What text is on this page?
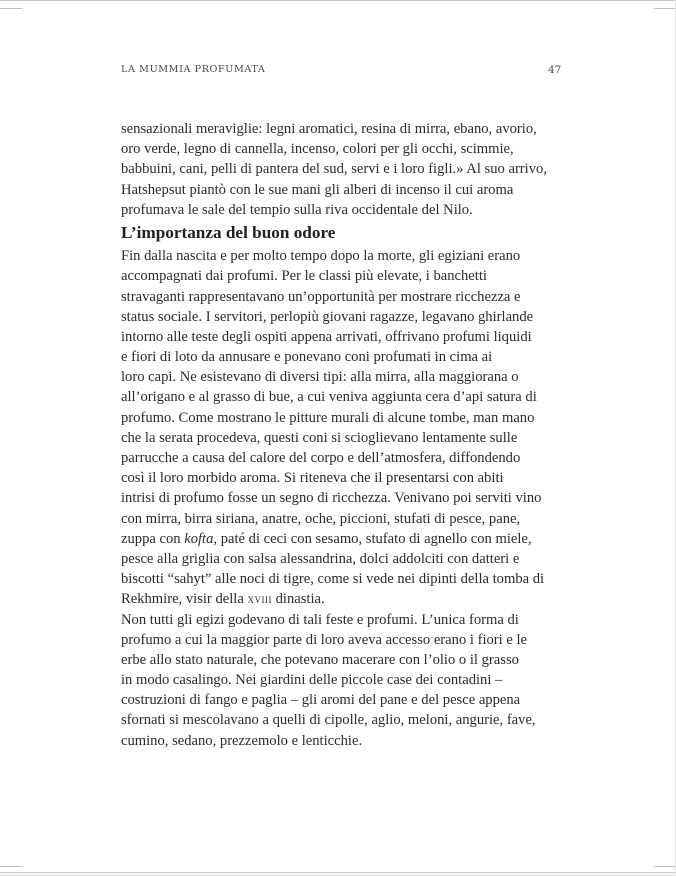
LA MUMMIA PROFUMATA	47
sensazionali meraviglie: legni aromatici, resina di mirra, ebano, avorio,
oro verde, legno di cannella, incenso, colori per gli occhi, scimmie,
babbuini, cani, pelli di pantera del sud, servi e i loro figli.» Al suo arrivo,
Hatshepsut piantò con le sue mani gli alberi di incenso il cui aroma
profumava le sale del tempio sulla riva occidentale del Nilo.
L’importanza del buon odore
Fin dalla nascita e per molto tempo dopo la morte, gli egiziani erano
accompagnati dai profumi. Per le classi più elevate, i banchetti
stravaganti rappresentavano un’opportunità per mostrare ricchezza e
status sociale. I servitori, perlopiù giovani ragazze, legavano ghirlande
intorno alle teste degli ospiti appena arrivati, offrivano profumi liquidi
e fiori di loto da annusare e ponevano coni profumati in cima ai
loro capi. Ne esistevano di diversi tipi: alla mirra, alla maggiorana o
all’origano e al grasso di bue, a cui veniva aggiunta cera d’api satura di
profumo. Come mostrano le pitture murali di alcune tombe, man mano
che la serata procedeva, questi coni si scioglievano lentamente sulle
parrucche a causa del calore del corpo e dell’atmosfera, diffondendo
così il loro morbido aroma. Si riteneva che il presentarsi con abiti
intrisi di profumo fosse un segno di ricchezza. Venivano poi serviti vino
con mirra, birra siriana, anatre, oche, piccioni, stufati di pesce, pane,
zuppa con kofta, paté di ceci con sesamo, stufato di agnello con miele,
pesce alla griglia con salsa alessandrina, dolci addolciti con datteri e
biscotti “sahyt” alle noci di tigre, come si vede nei dipinti della tomba di
Rekhmire, visir della xviii dinastia.
Non tutti gli egizi godevano di tali feste e profumi. L’unica forma di
profumo a cui la maggior parte di loro aveva accesso erano i fiori e le
erbe allo stato naturale, che potevano macerare con l’olio o il grasso
in modo casalingo. Nei giardini delle piccole case dei contadini –
costruzioni di fango e paglia – gli aromi del pane e del pesce appena
sfornati si mescolavano a quelli di cipolle, aglio, meloni, angurie, fave,
cumino, sedano, prezzemolo e lenticchie.
